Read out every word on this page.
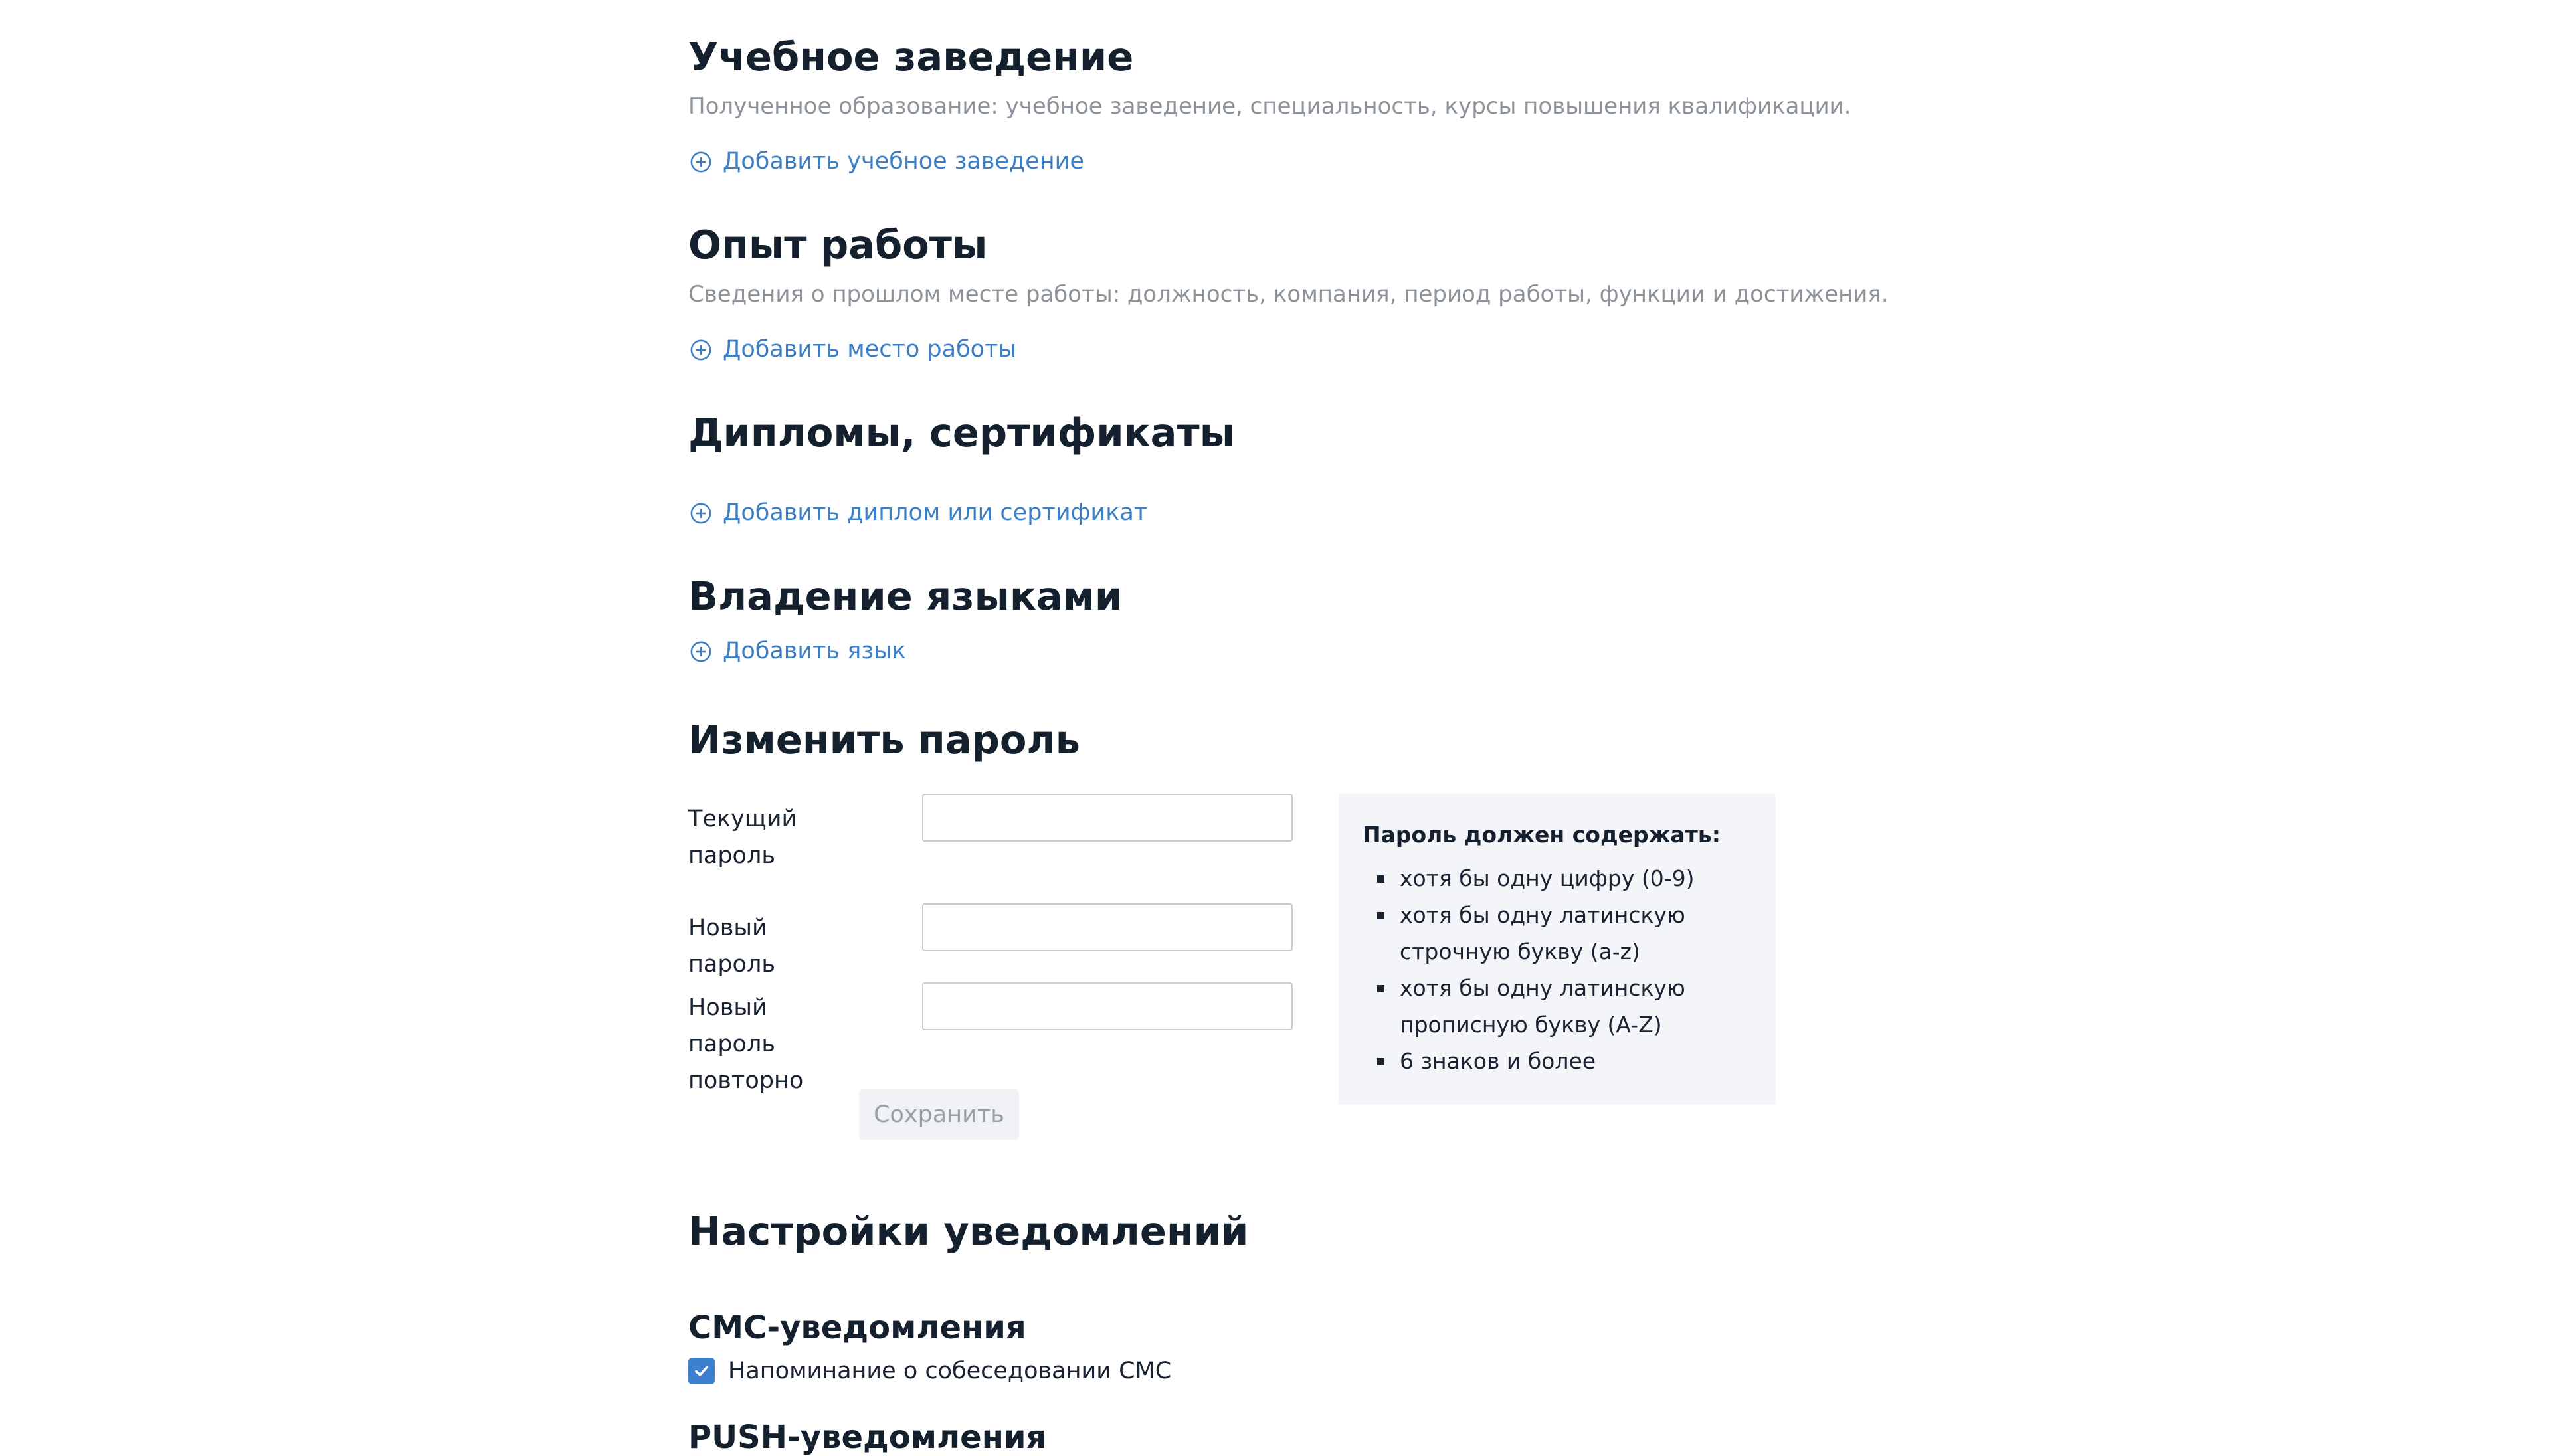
Учебное заведение

Полученное образование: учебное заведение, специальность, курсы повышения квалификации.

Добавить учебное заведение
Опыт работы

Сведения о прошлом месте работы: должность, компания, период работы, функции и достижения.

Добавить место работы
Дипломы, сертификаты
Добавить диплом или сертификат
Владение языками
Добавить язык
Изменить пароль
Текущий пароль
Новый пароль
Новый пароль повторно
Сохранить

Пароль должен содержать:

хотя бы одну цифру (0-9)
хотя бы одну латинскую строчную букву (a-z)
хотя бы одну латинскую прописную букву (A-Z)
6 знаков и более
Настройки уведомлений
СМС-уведомления
Напоминание о собеседовании СМС
PUSH-уведомления
